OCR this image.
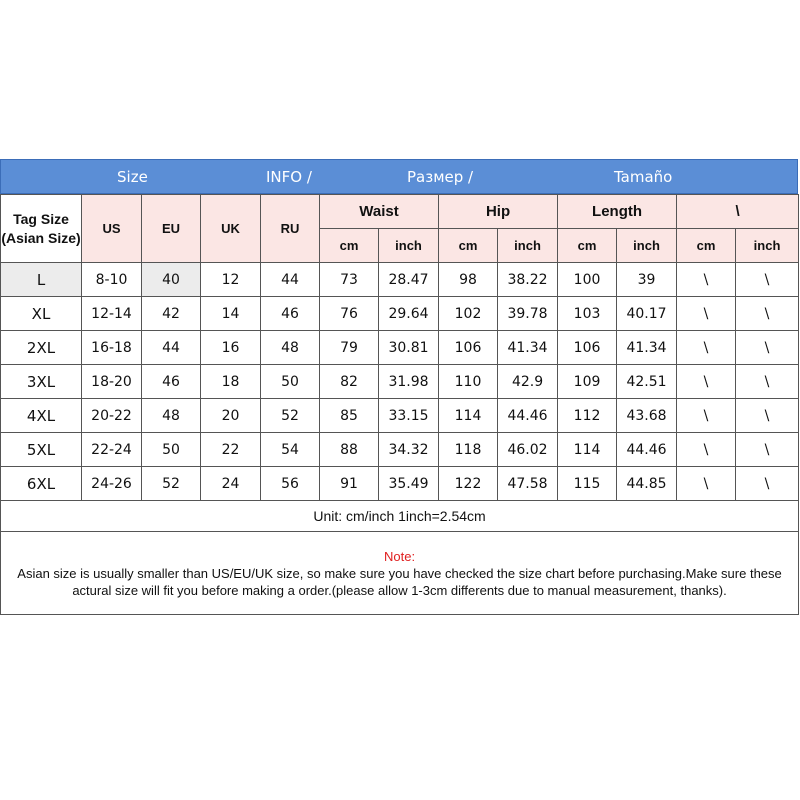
Size	INFO /	Размер /	Tamaño
Tag Size (Asian Size)	US	EU	UK	RU	Waist		Hip		Length		\	
					cm	inch	cm	inch	cm	inch	cm	inch
L	8-10	40	12	44	73	28.47	98	38.22	100	39	\	\
XL	12-14	42	14	46	76	29.64	102	39.78	103	40.17	\	\
2XL	16-18	44	16	48	79	30.81	106	41.34	106	41.34	\	\
3XL	18-20	46	18	50	82	31.98	110	42.9	109	42.51	\	\
4XL	20-22	48	20	52	85	33.15	114	44.46	112	43.68	\	\
5XL	22-24	50	22	54	88	34.32	118	46.02	114	44.46	\	\
6XL	24-26	52	24	56	91	35.49	122	47.58	115	44.85	\	\
Unit: cm/inch 1inch=2.54cm												

Note:
Asian size is usually smaller than US/EU/UK size, so make sure you have checked the size chart before purchasing.Make sure these actural size will fit you before making a order.(please allow 1-3cm differents due to manual measurement, thanks).												
